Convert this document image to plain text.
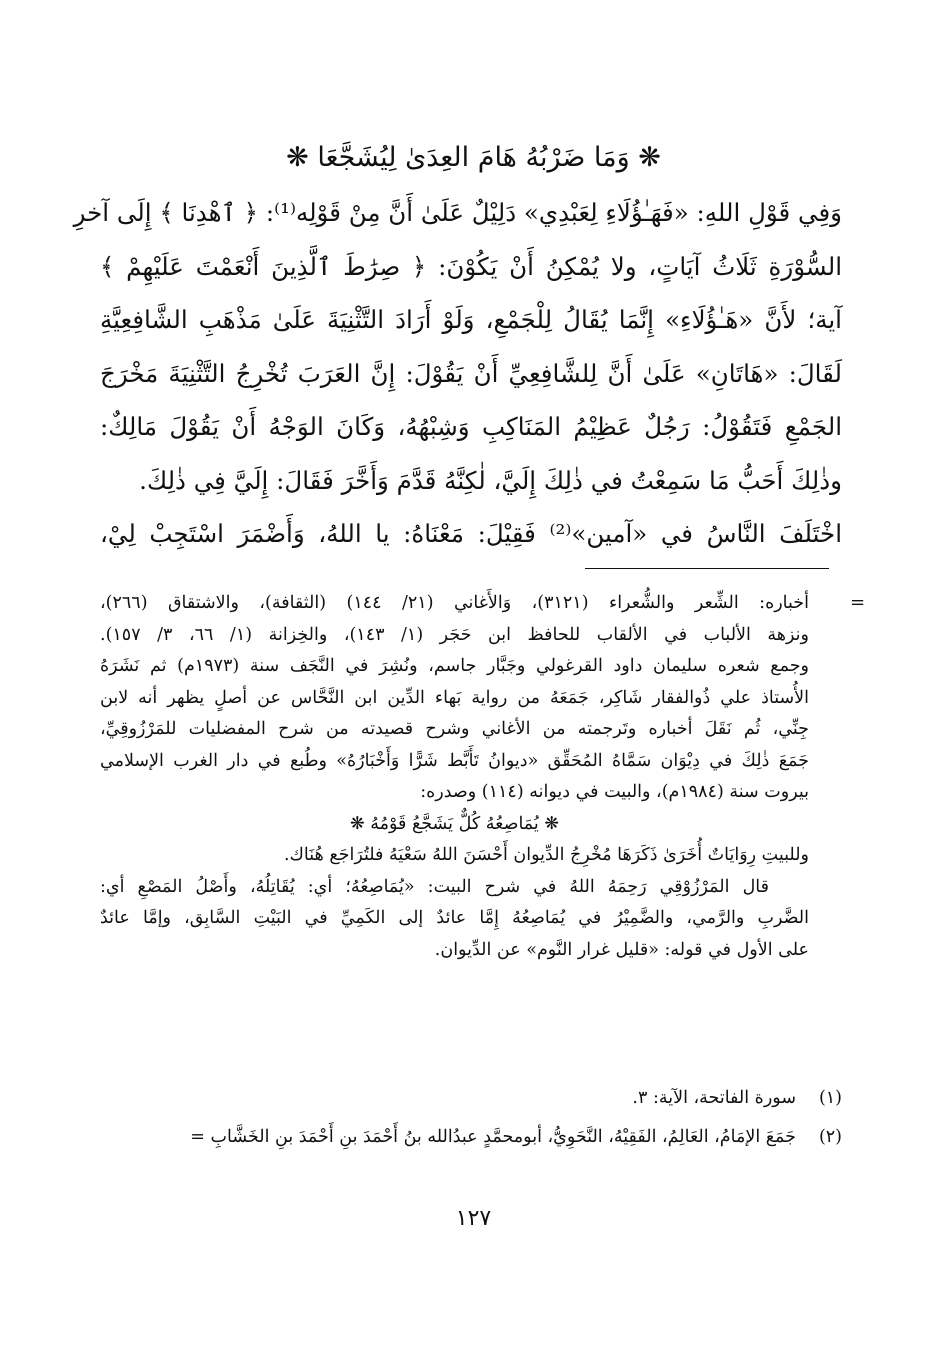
❋ وَمَا ضَرْبُهُ هَامَ العِدَىٰ لِيُشَجَّعَا ❋
وَفِي قَوْلِ اللهِ: «فَهَـٰؤُلَاءِ لِعَبْدِي» دَلِيْلٌ عَلَىٰ أَنَّ مِنْ قَوْلِه⁽¹⁾: ﴿ ٱهْدِنَا ﴾ إِلَى آخرِ
السُّوْرَةِ ثَلَاثُ آيَاتٍ، ولا يُمْكِنُ أَنْ يَكُوْنَ: ﴿ صِرَٰطَ ٱلَّذِينَ أَنْعَمْتَ عَلَيْهِمْ ﴾
آية؛ لأَنَّ «هَـٰؤُلَاءِ» إِنَّمَا يُقَالُ لِلْجَمْعِ، وَلَوْ أَرَادَ التَّثْنِيَةَ عَلَىٰ مَذْهَبِ الشَّافِعِيَّةِ
لَقَالَ: «هَاتَانِ» عَلَىٰ أَنَّ لِلشَّافِعِيِّ أَنْ يَقُوْلَ: إِنَّ العَرَبَ تُخْرِجُ التَّثْنِيَةَ مَخْرَجَ
الجَمْعِ فَتَقُوْلُ: رَجُلٌ عَظِيْمُ المَنَاكِبِ وَشِبْهُهُ، وَكَانَ الوَجْهُ أَنْ يَقُوْلَ مَالِكٌ:
وذٰلِكَ أَحَبُّ مَا سَمِعْتُ في ذٰلِكَ إِلَيَّ، لٰكِنَّهُ قَدَّمَ وَأَخَّرَ فَقَالَ: إِلَيَّ فِي ذٰلِكَ.
اخْتَلَفَ النَّاسُ في «آمين»⁽²⁾ فَقِيْلَ: مَعْنَاهُ: يا اللهُ، وَأَضْمَرَ اسْتَجِبْ لِيْ،
=
أخباره: الشِّعر والشُّعراء (٣١٢١)، وَالأَغاني (٢١/ ١٤٤) (الثقافة)، والاشتقاق (٢٦٦)،
ونزهة الألباب في الألقاب للحافظ ابن حَجَر (١/ ١٤٣)، والخِزانة (١/ ٦٦، ٣/ ١٥٧).
وجمع شعره سليمان داود القرغولي وجَبَّار جاسم، ونُشِرَ في النَّجَف سنة (١٩٧٣م) ثم نَشَرَهُ
الأُستاذ علي ذُوالفقار شَاكِر، جَمَعَهُ من رواية بَهاء الدِّين ابن النَّحَّاس عن أصلٍ يظهر أنه لابن
جِنِّي، ثُم نَقَلَ أخباره وتَرجمته من الأغاني وشرح قصيدته من شرح المفضليات للمَرْزُوقِيِّ،
جَمَعَ ذٰلِكَ في دِيْوَان سَمَّاهُ المُحَقِّق «ديوانُ تَأَبَّط شَرًّا وَأَخْبَارُهُ» وطُبع في دار الغرب الإسلامي
بيروت سنة (١٩٨٤م)، والبيت في ديوانه (١١٤) وصدره:
❋ يُمَاصِعُهُ كُلٌّ يَشَجَّعُ قَوْمُهُ ❋
وللبيتِ رِوَايَاتٌ أُخَرَىٰ ذَكَرَهَا مُخْرِجُ الدِّيوان أَحْسَنَ اللهُ سَعْيَهُ فلتُرَاجَع هُنَاك.
قال المَرْزُوْقِي رَحِمَهُ اللهُ في شرح البيت: «يُمَاصِعُهُ؛ أي: يُقَاتِلُهُ، وأَصْلُ المَصْعِ أي:
الضَّربِ والرَّمي، والضَّمِيْرُ في يُمَاصِعُهُ إِمَّا عائدٌ إلى الكَمِيِّ في البَيْتِ السَّابِق، وإمَّا عائدٌ
على الأول في قوله: «قليل غرار النَّوم» عن الدِّيوان.
(١)
سورة الفاتحة، الآية: ٣.
(٢)
جَمَعَ الإمَامُ، العَالِمُ، الفَقِيْهُ، النَّحَوِيُّ، أبومحمَّدٍ عبدُالله بنُ أَحْمَدَ بنِ أَحْمَدَ بنِ الخَشَّابِ =
١٢٧
